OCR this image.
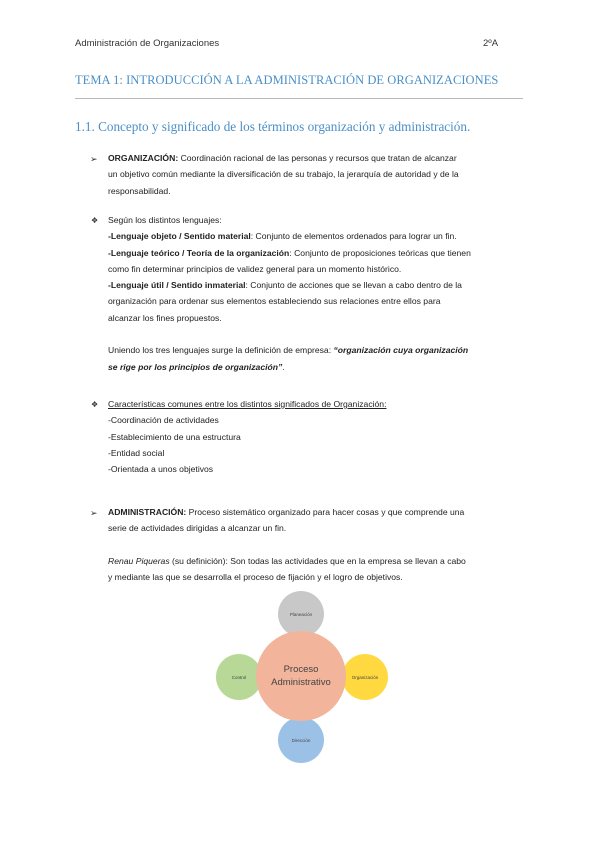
Administración de Organizaciones	2ºA
TEMA 1: INTRODUCCIÓN A LA ADMINISTRACIÓN DE ORGANIZACIONES
1.1. Concepto y significado de los términos organización y administración.
➢ ORGANIZACIÓN: Coordinación racional de las personas y recursos que tratan de alcanzar
un objetivo común mediante la diversificación de su trabajo, la jerarquía de autoridad y de la
responsabilidad.
❖ Según los distintos lenguajes:
-Lenguaje objeto / Sentido material: Conjunto de elementos ordenados para lograr un fin.
-Lenguaje teórico / Teoría de la organización: Conjunto de proposiciones teóricas que tienen
como fin determinar principios de validez general para un momento histórico.
-Lenguaje útil / Sentido inmaterial: Conjunto de acciones que se llevan a cabo dentro de la
organización para ordenar sus elementos estableciendo sus relaciones entre ellos para
alcanzar los fines propuestos.

Uniendo los tres lenguajes surge la definición de empresa: “organización cuya organización
se rige por los principios de organización”.
❖ Características comunes entre los distintos significados de Organización:
-Coordinación de actividades
-Establecimiento de una estructura
-Entidad social
-Orientada a unos objetivos
➢ ADMINISTRACIÓN: Proceso sistemático organizado para hacer cosas y que comprende una
serie de actividades dirigidas a alcanzar un fin.

Renau Piqueras (su definición): Son todas las actividades que en la empresa se llevan a cabo
y mediante las que se desarrolla el proceso de fijación y el logro de objetivos.
Proceso
Administrativo
Planeación
Organización
Dirección
Control
